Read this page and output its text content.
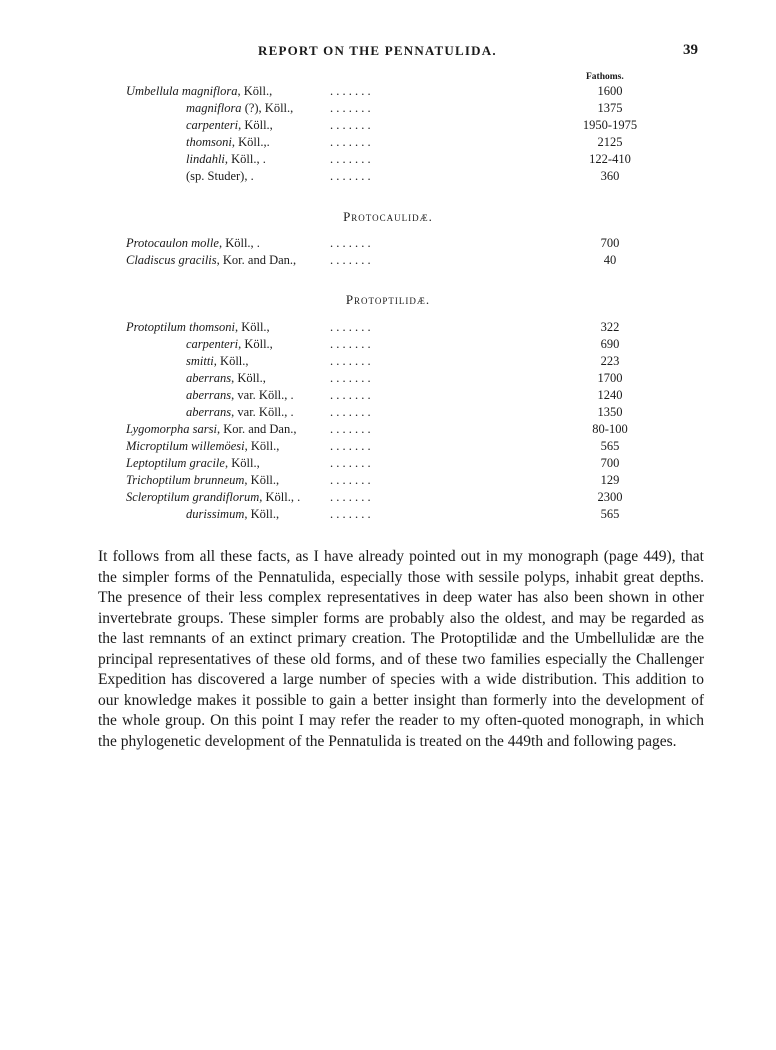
REPORT ON THE PENNATULIDA.	39
Fathoms.
Umbellula magniflora, Köll.,	. . . . . . .	1600
magniflora (?), Köll.,	. . . . . . .	1375
carpenteri, Köll.,	. . . . . . .	1950-1975
thomsoni, Köll.,.	. . . . . . .	2125
lindahli, Köll., .	. . . . . . .	122-410
(sp. Studer), .	. . . . . . .	360
Protocaulidæ.
Protocaulon molle, Köll., .	. . . . . . .	700
Cladiscus gracilis, Kor. and Dan.,	. . . . . . .	40
Protoptilidæ.
Protoptilum thomsoni, Köll.,	. . . . . . .	322
carpenteri, Köll.,	. . . . . . .	690
smitti, Köll.,	. . . . . . .	223
aberrans, Köll.,	. . . . . . .	1700
aberrans, var. Köll., .	. . . . . . .	1240
aberrans, var. Köll., .	. . . . . . .	1350
Lygomorpha sarsi, Kor. and Dan.,	. . . . . . .	80-100
Microptilum willemöesi, Köll.,	. . . . . . .	565
Leptoptilum gracile, Köll.,	. . . . . . .	700
Trichoptilum brunneum, Köll.,	. . . . . . .	129
Scleroptilum grandiflorum, Köll., . . . . . . . .	2300
durissimum, Köll.,	. . . . . . .	565
It follows from all these facts, as I have already pointed out in my monograph (page 449), that the simpler forms of the Pennatulida, especially those with sessile polyps, inhabit great depths. The presence of their less complex representatives in deep water has also been shown in other invertebrate groups. These simpler forms are probably also the oldest, and may be regarded as the last remnants of an extinct primary creation. The Protoptilidæ and the Umbellulidæ are the principal representatives of these old forms, and of these two families especially the Challenger Expedition has discovered a large number of species with a wide distribution. This addition to our knowledge makes it possible to gain a better insight than formerly into the development of the whole group. On this point I may refer the reader to my often-quoted monograph, in which the phylogenetic development of the Pennatulida is treated on the 449th and following pages.
